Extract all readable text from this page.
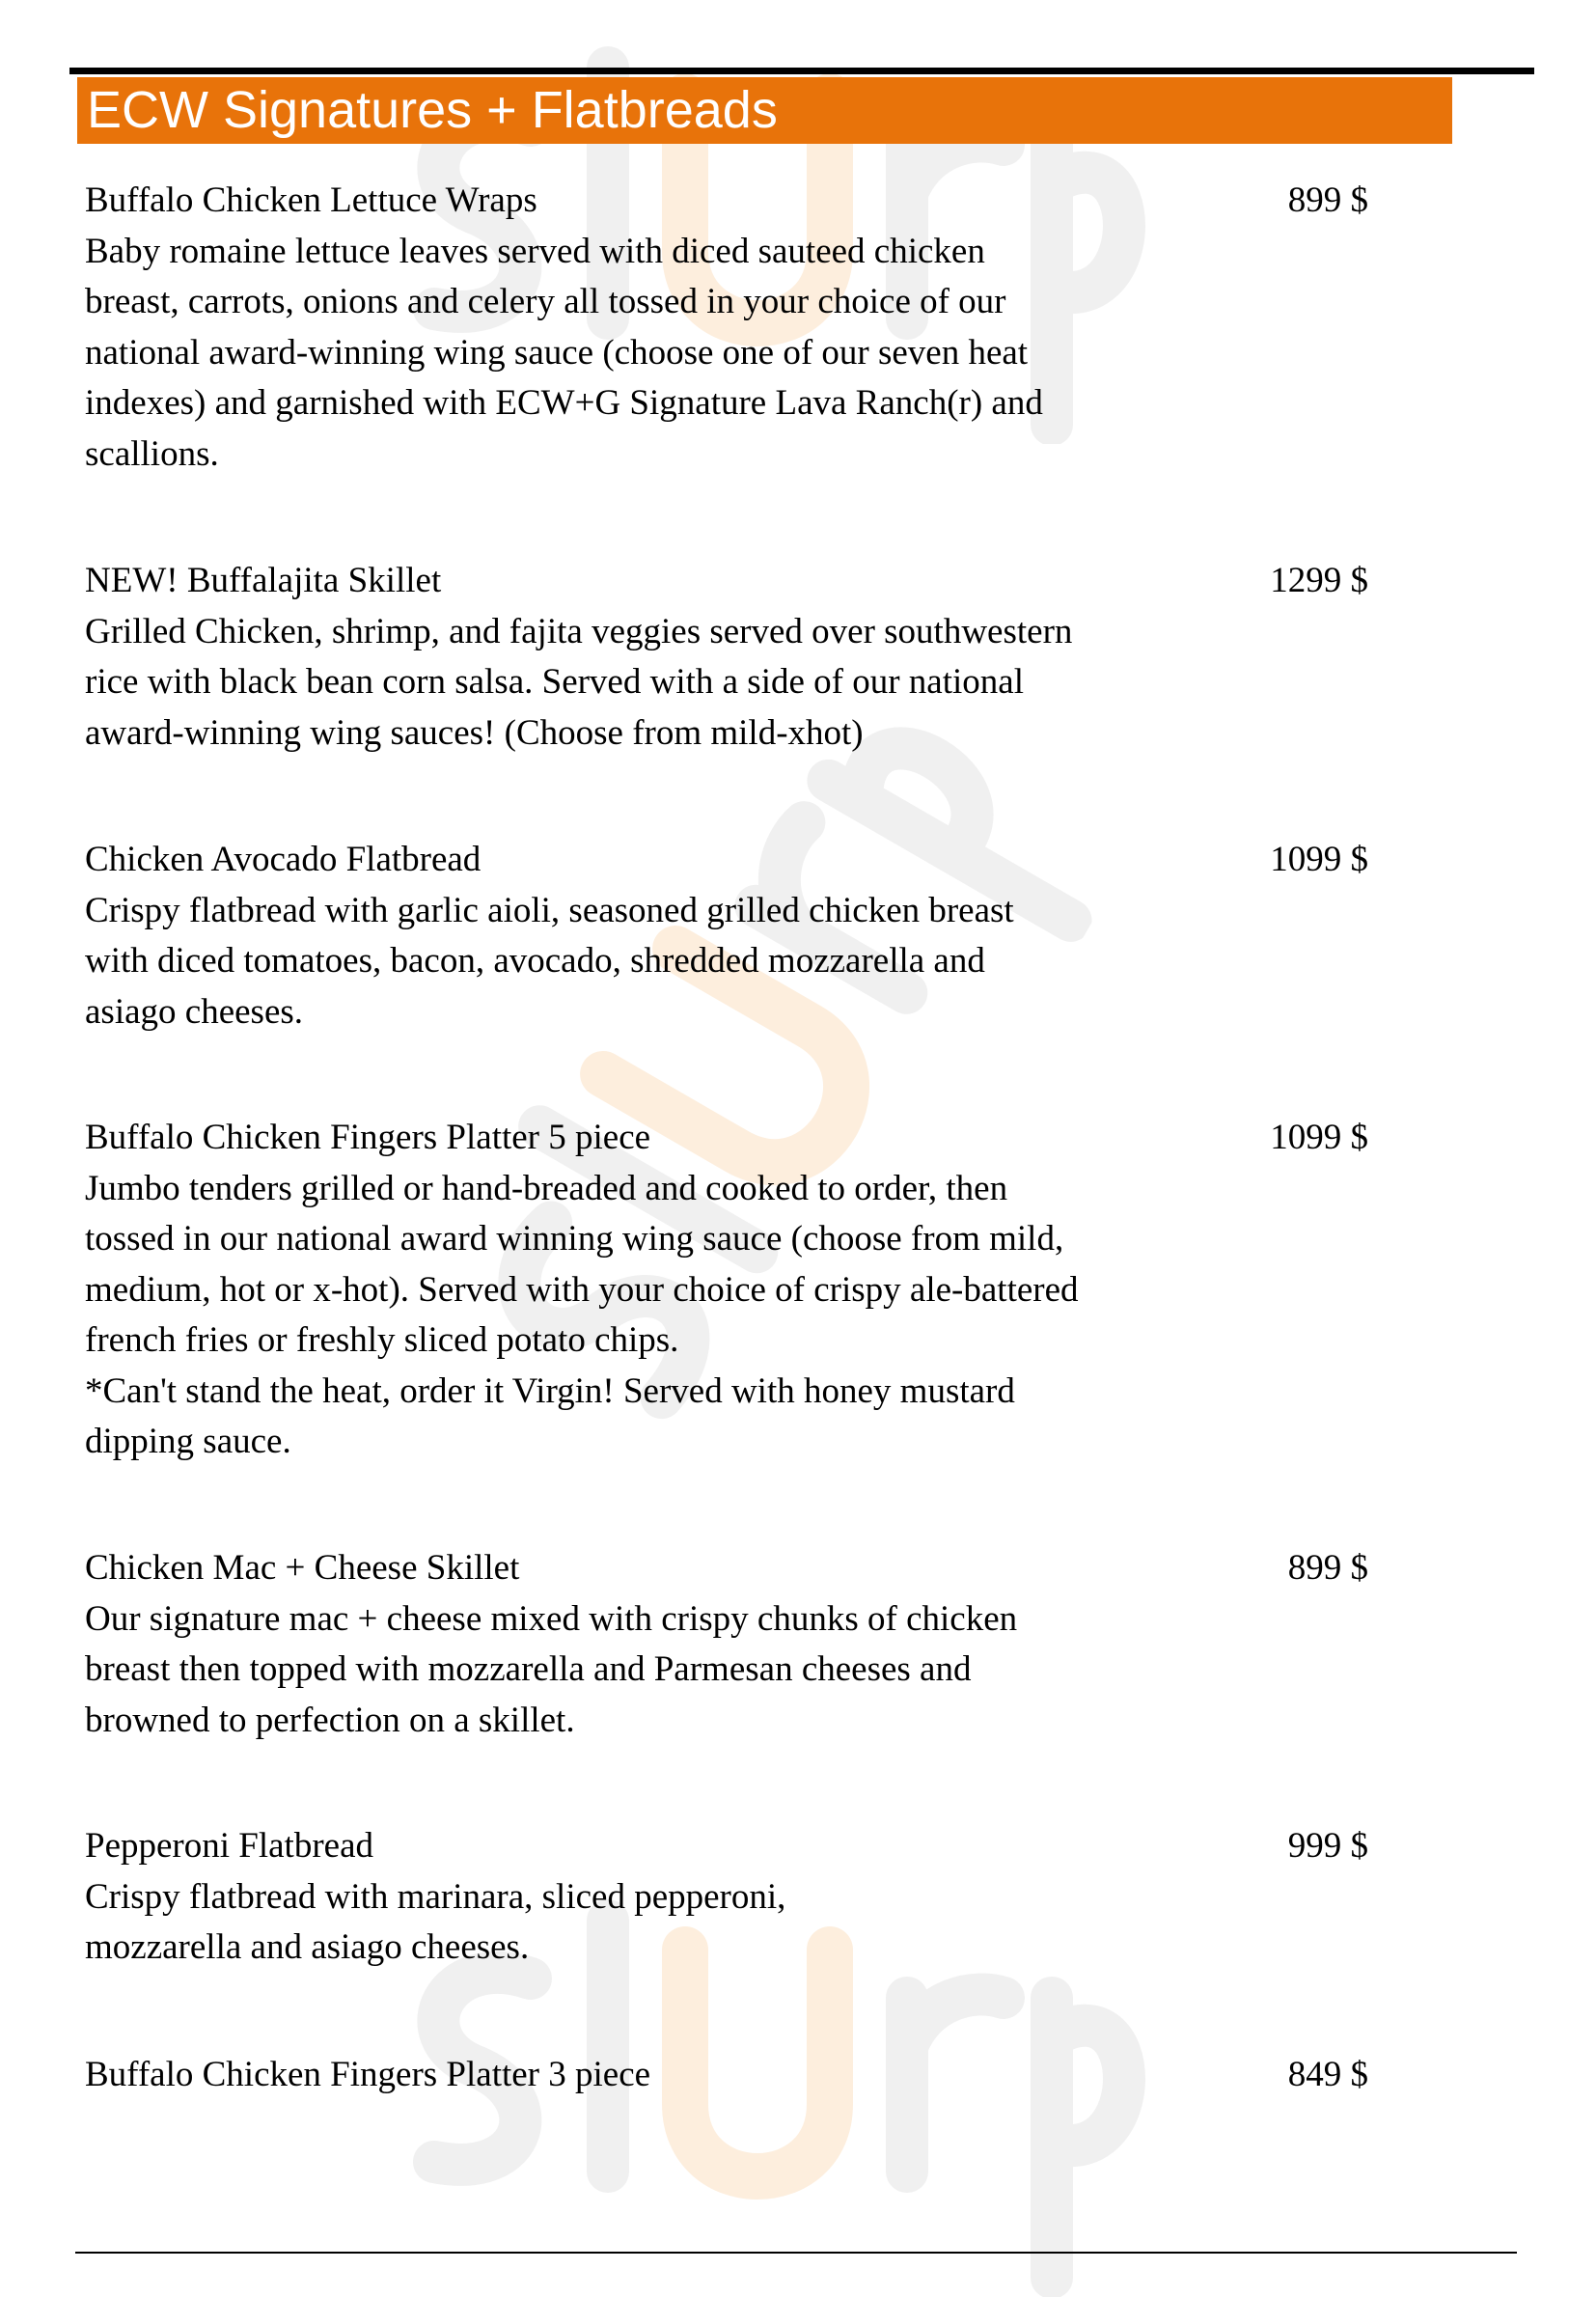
ECW Signatures + Flatbreads
Buffalo Chicken Lettuce Wraps	899 $
Baby romaine lettuce leaves served with diced sauteed chicken
breast, carrots, onions and celery all tossed in your choice of our
national award-winning wing sauce (choose one of our seven heat
indexes) and garnished with ECW+G Signature Lava Ranch(r) and
scallions.
NEW! Buffalajita Skillet	1299 $
Grilled Chicken, shrimp, and fajita veggies served over southwestern
rice with black bean corn salsa. Served with a side of our national
award-winning wing sauces! (Choose from mild-xhot)
Chicken Avocado Flatbread	1099 $
Crispy flatbread with garlic aioli, seasoned grilled chicken breast
with diced tomatoes, bacon, avocado, shredded mozzarella and
asiago cheeses.
Buffalo Chicken Fingers Platter 5 piece	1099 $
Jumbo tenders grilled or hand-breaded and cooked to order, then
tossed in our national award winning wing sauce (choose from mild,
medium, hot or x-hot). Served with your choice of crispy ale-battered
french fries or freshly sliced potato chips.
*Can't stand the heat, order it Virgin! Served with honey mustard
dipping sauce.
Chicken Mac + Cheese Skillet	899 $
Our signature mac + cheese mixed with crispy chunks of chicken
breast then topped with mozzarella and Parmesan cheeses and
browned to perfection on a skillet.
Pepperoni Flatbread	999 $
Crispy flatbread with marinara, sliced pepperoni,
mozzarella and asiago cheeses.
Buffalo Chicken Fingers Platter 3 piece	849 $
